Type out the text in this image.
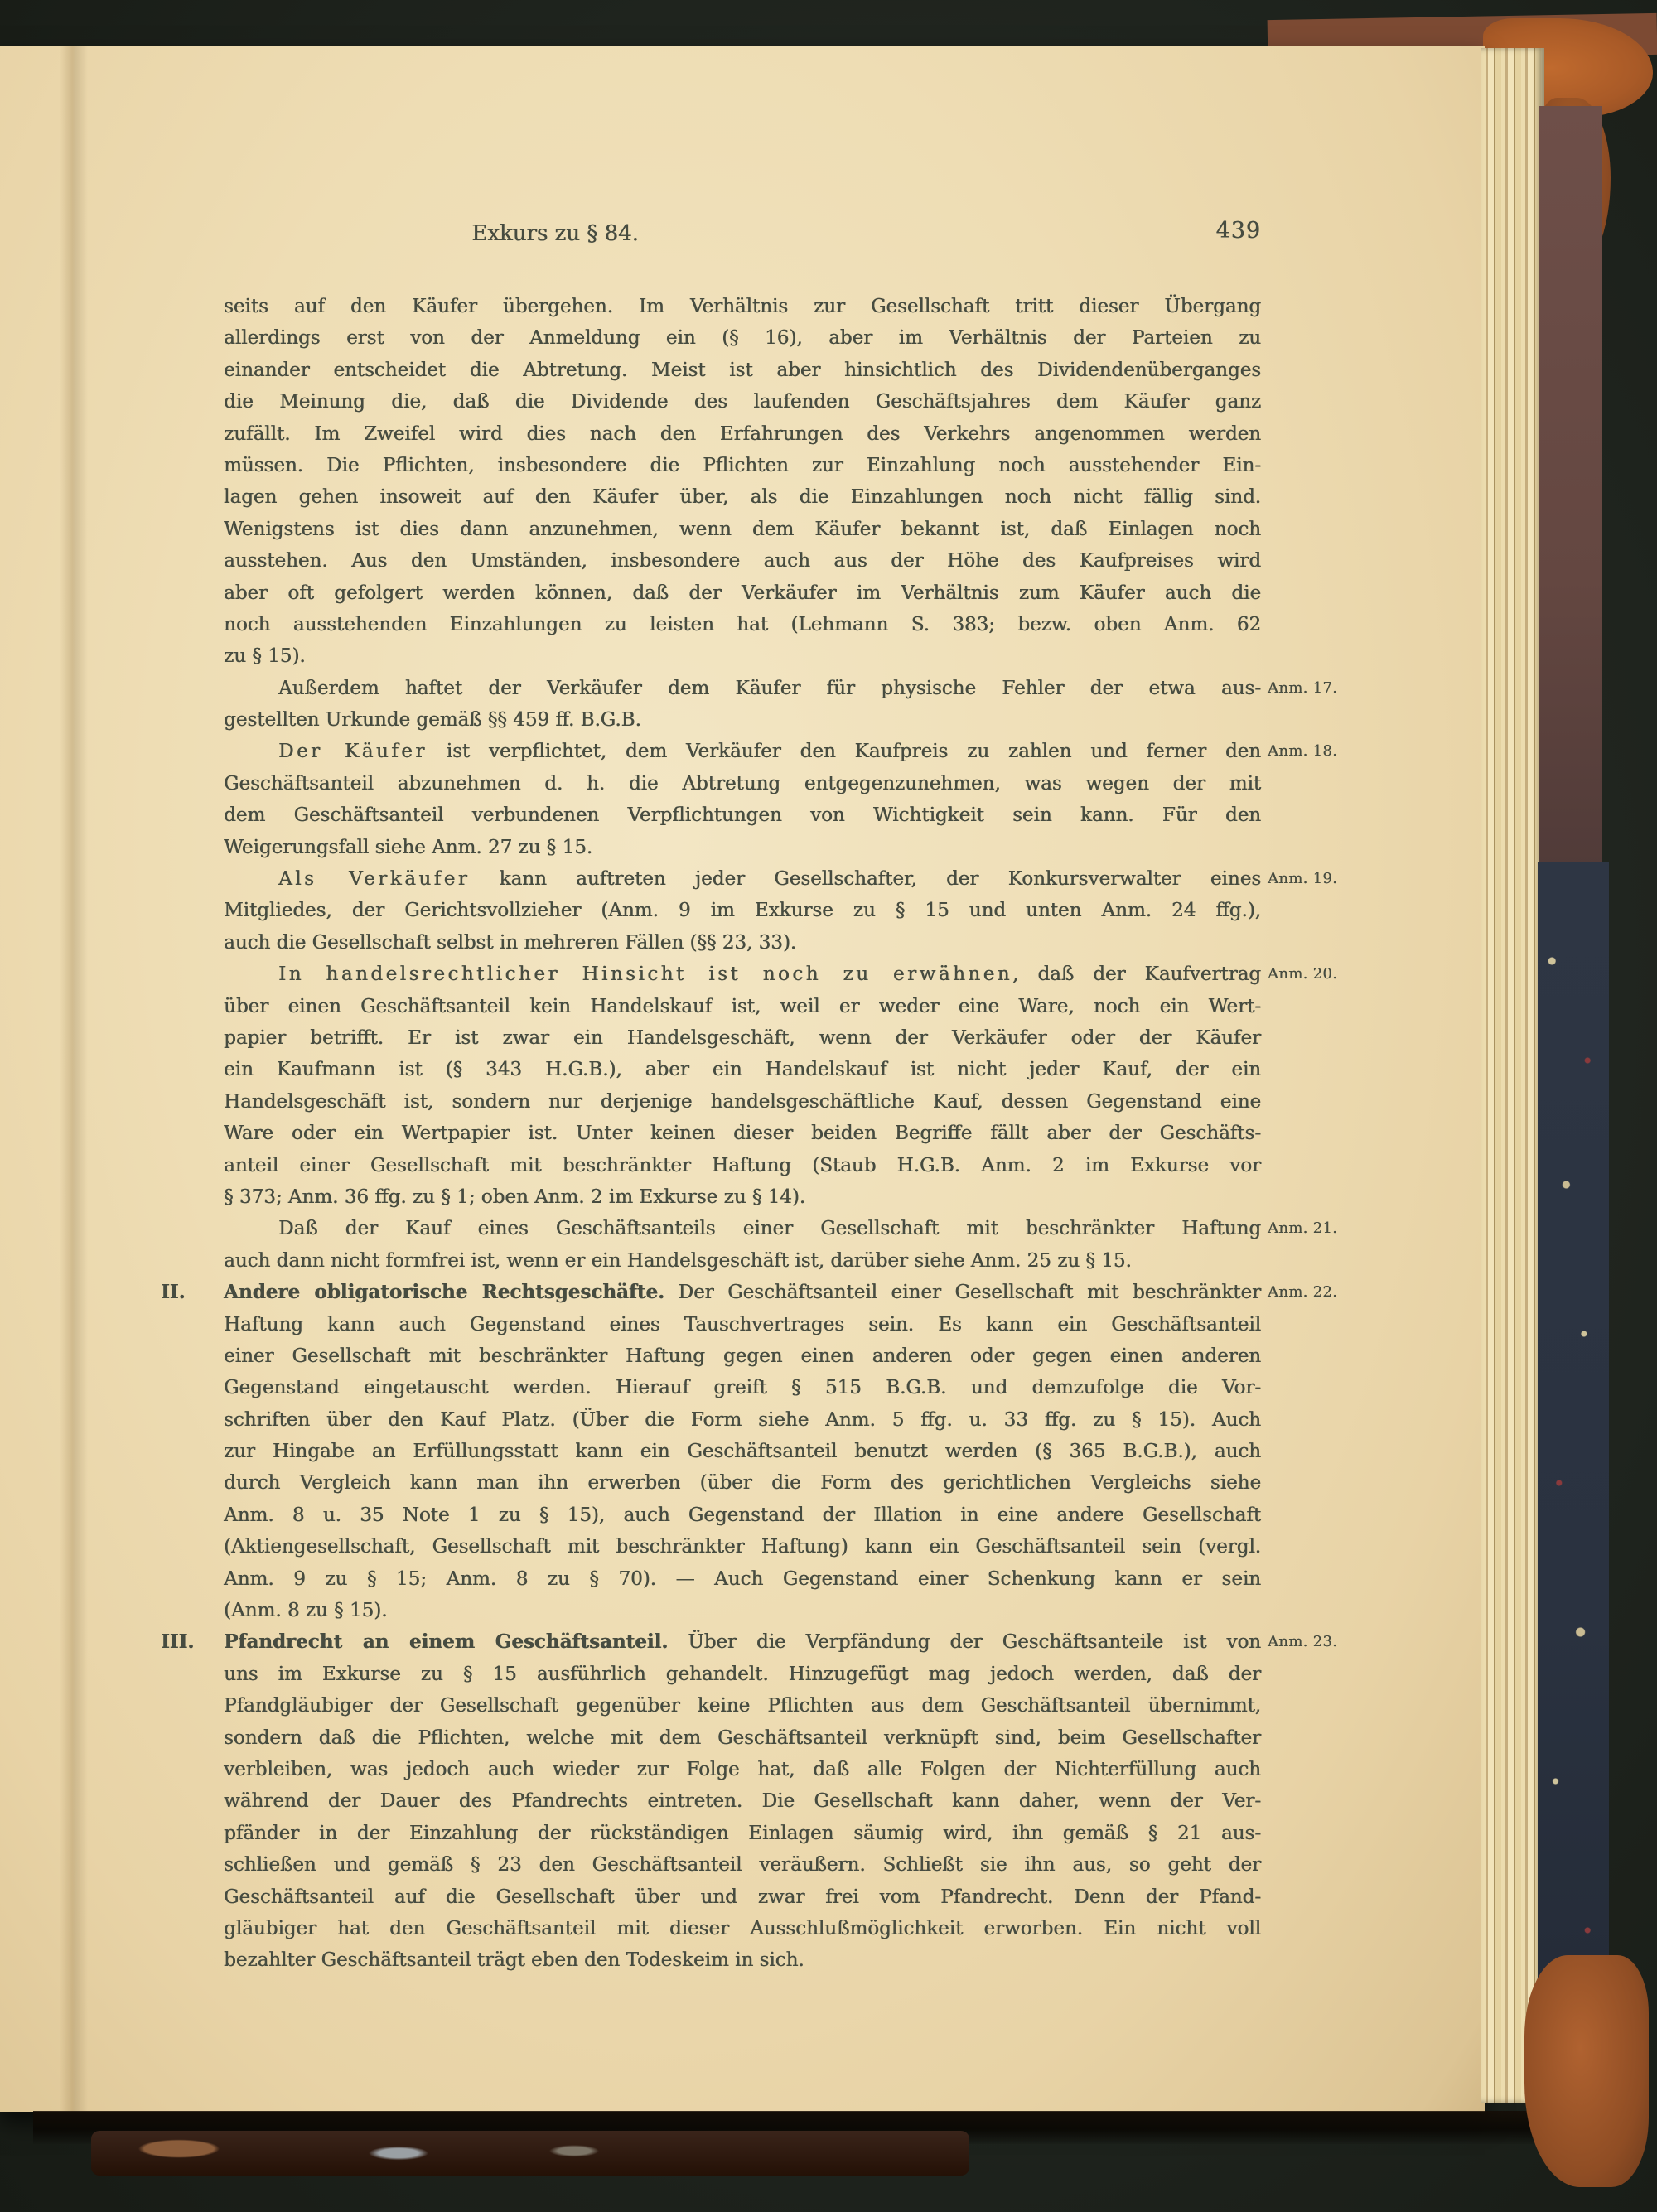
Exkurs zu § 84.	439
seits auf den Käufer übergehen. Im Verhältnis zur Gesellschaft tritt dieser Übergang
allerdings erst von der Anmeldung ein (§ 16), aber im Verhältnis der Parteien zu
einander entscheidet die Abtretung. Meist ist aber hinsichtlich des Dividendenüberganges
die Meinung die, daß die Dividende des laufenden Geschäftsjahres dem Käufer ganz
zufällt. Im Zweifel wird dies nach den Erfahrungen des Verkehrs angenommen werden
müssen. Die Pflichten, insbesondere die Pflichten zur Einzahlung noch ausstehender Ein-
lagen gehen insoweit auf den Käufer über, als die Einzahlungen noch nicht fällig sind.
Wenigstens ist dies dann anzunehmen, wenn dem Käufer bekannt ist, daß Einlagen noch
ausstehen. Aus den Umständen, insbesondere auch aus der Höhe des Kaufpreises wird
aber oft gefolgert werden können, daß der Verkäufer im Verhältnis zum Käufer auch die
noch ausstehenden Einzahlungen zu leisten hat (Lehmann S. 383; bezw. oben Anm. 62
zu § 15).
Außerdem haftet der Verkäufer dem Käufer für physische Fehler der etwa aus- Anm. 17.
gestellten Urkunde gemäß §§ 459 ff. B.G.B.
Der Käufer ist verpflichtet, dem Verkäufer den Kaufpreis zu zahlen und ferner den Anm. 18.
Geschäftsanteil abzunehmen d. h. die Abtretung entgegenzunehmen, was wegen der mit
dem Geschäftsanteil verbundenen Verpflichtungen von Wichtigkeit sein kann. Für den
Weigerungsfall siehe Anm. 27 zu § 15.
Als Verkäufer kann auftreten jeder Gesellschafter, der Konkursverwalter eines Anm. 19.
Mitgliedes, der Gerichtsvollzieher (Anm. 9 im Exkurse zu § 15 und unten Anm. 24 ffg.),
auch die Gesellschaft selbst in mehreren Fällen (§§ 23, 33).
In handelsrechtlicher Hinsicht ist noch zu erwähnen, daß der Kaufvertrag Anm. 20.
über einen Geschäftsanteil kein Handelskauf ist, weil er weder eine Ware, noch ein Wert-
papier betrifft. Er ist zwar ein Handelsgeschäft, wenn der Verkäufer oder der Käufer
ein Kaufmann ist (§ 343 H.G.B.), aber ein Handelskauf ist nicht jeder Kauf, der ein
Handelsgeschäft ist, sondern nur derjenige handelsgeschäftliche Kauf, dessen Gegenstand eine
Ware oder ein Wertpapier ist. Unter keinen dieser beiden Begriffe fällt aber der Geschäfts-
anteil einer Gesellschaft mit beschränkter Haftung (Staub H.G.B. Anm. 2 im Exkurse vor
§ 373; Anm. 36 ffg. zu § 1; oben Anm. 2 im Exkurse zu § 14).
Daß der Kauf eines Geschäftsanteils einer Gesellschaft mit beschränkter Haftung Anm. 21.
auch dann nicht formfrei ist, wenn er ein Handelsgeschäft ist, darüber siehe Anm. 25 zu § 15.
II.	Andere obligatorische Rechtsgeschäfte. Der Geschäftsanteil einer Gesellschaft mit beschränkter Anm. 22.
Haftung kann auch Gegenstand eines Tauschvertrages sein. Es kann ein Geschäftsanteil
einer Gesellschaft mit beschränkter Haftung gegen einen anderen oder gegen einen anderen
Gegenstand eingetauscht werden. Hierauf greift § 515 B.G.B. und demzufolge die Vor-
schriften über den Kauf Platz. (Über die Form siehe Anm. 5 ffg. u. 33 ffg. zu § 15). Auch
zur Hingabe an Erfüllungsstatt kann ein Geschäftsanteil benutzt werden (§ 365 B.G.B.), auch
durch Vergleich kann man ihn erwerben (über die Form des gerichtlichen Vergleichs siehe
Anm. 8 u. 35 Note 1 zu § 15), auch Gegenstand der Illation in eine andere Gesellschaft
(Aktiengesellschaft, Gesellschaft mit beschränkter Haftung) kann ein Geschäftsanteil sein (vergl.
Anm. 9 zu § 15; Anm. 8 zu § 70). — Auch Gegenstand einer Schenkung kann er sein
(Anm. 8 zu § 15).
III.	Pfandrecht an einem Geschäftsanteil. Über die Verpfändung der Geschäftsanteile ist von Anm. 23.
uns im Exkurse zu § 15 ausführlich gehandelt. Hinzugefügt mag jedoch werden, daß der
Pfandgläubiger der Gesellschaft gegenüber keine Pflichten aus dem Geschäftsanteil übernimmt,
sondern daß die Pflichten, welche mit dem Geschäftsanteil verknüpft sind, beim Gesellschafter
verbleiben, was jedoch auch wieder zur Folge hat, daß alle Folgen der Nichterfüllung auch
während der Dauer des Pfandrechts eintreten. Die Gesellschaft kann daher, wenn der Ver-
pfänder in der Einzahlung der rückständigen Einlagen säumig wird, ihn gemäß § 21 aus-
schließen und gemäß § 23 den Geschäftsanteil veräußern. Schließt sie ihn aus, so geht der
Geschäftsanteil auf die Gesellschaft über und zwar frei vom Pfandrecht. Denn der Pfand-
gläubiger hat den Geschäftsanteil mit dieser Ausschlußmöglichkeit erworben. Ein nicht voll
bezahlter Geschäftsanteil trägt eben den Todeskeim in sich.
